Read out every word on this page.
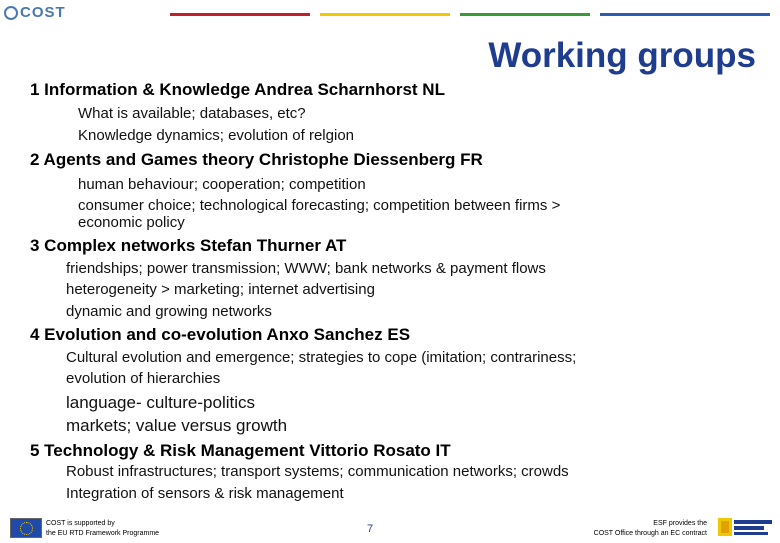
COST
Working groups
1 Information & Knowledge Andrea Scharnhorst NL
What is available; databases, etc?
Knowledge dynamics; evolution of relgion
2 Agents and Games theory Christophe Diessenberg FR
human behaviour; cooperation; competition
consumer choice; technological forecasting; competition between firms >
economic policy
3 Complex networks Stefan Thurner AT
friendships; power transmission; WWW; bank networks & payment flows
heterogeneity > marketing; internet advertising
dynamic and growing networks
4 Evolution and co-evolution Anxo Sanchez ES
Cultural evolution and emergence; strategies to cope (imitation; contrariness;
evolution of hierarchies
language- culture-politics
markets; value versus growth
5 Technology & Risk Management Vittorio Rosato IT
Robust infrastructures; transport systems; communication networks; crowds
Integration of sensors & risk management
COST is supported by
the EU RTD Framework Programme	7	ESF provides the
COST Office through an EC contract
